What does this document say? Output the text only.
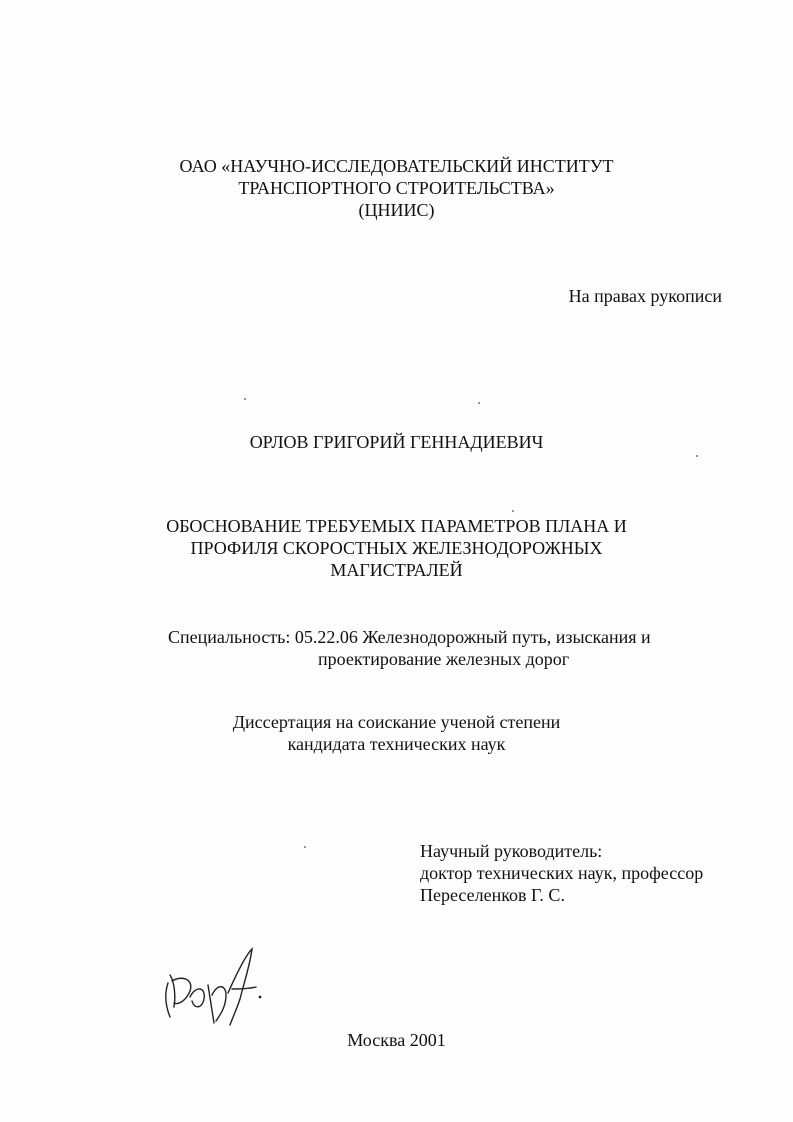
ОАО «НАУЧНО-ИССЛЕДОВАТЕЛЬСКИЙ ИНСТИТУТ
ТРАНСПОРТНОГО СТРОИТЕЛЬСТВА»
(ЦНИИС)
На правах рукописи
ОРЛОВ ГРИГОРИЙ ГЕННАДИЕВИЧ
ОБОСНОВАНИЕ ТРЕБУЕМЫХ ПАРАМЕТРОВ ПЛАНА И
ПРОФИЛЯ СКОРОСТНЫХ ЖЕЛЕЗНОДОРОЖНЫХ
МАГИСТРАЛЕЙ
Специальность: 05.22.06 Железнодорожный путь, изыскания и
проектирование железных дорог
Диссертация на соискание ученой степени
кандидата технических наук
Научный руководитель:
доктор технических наук, профессор
Переселенков Г. С.
Москва 2001
